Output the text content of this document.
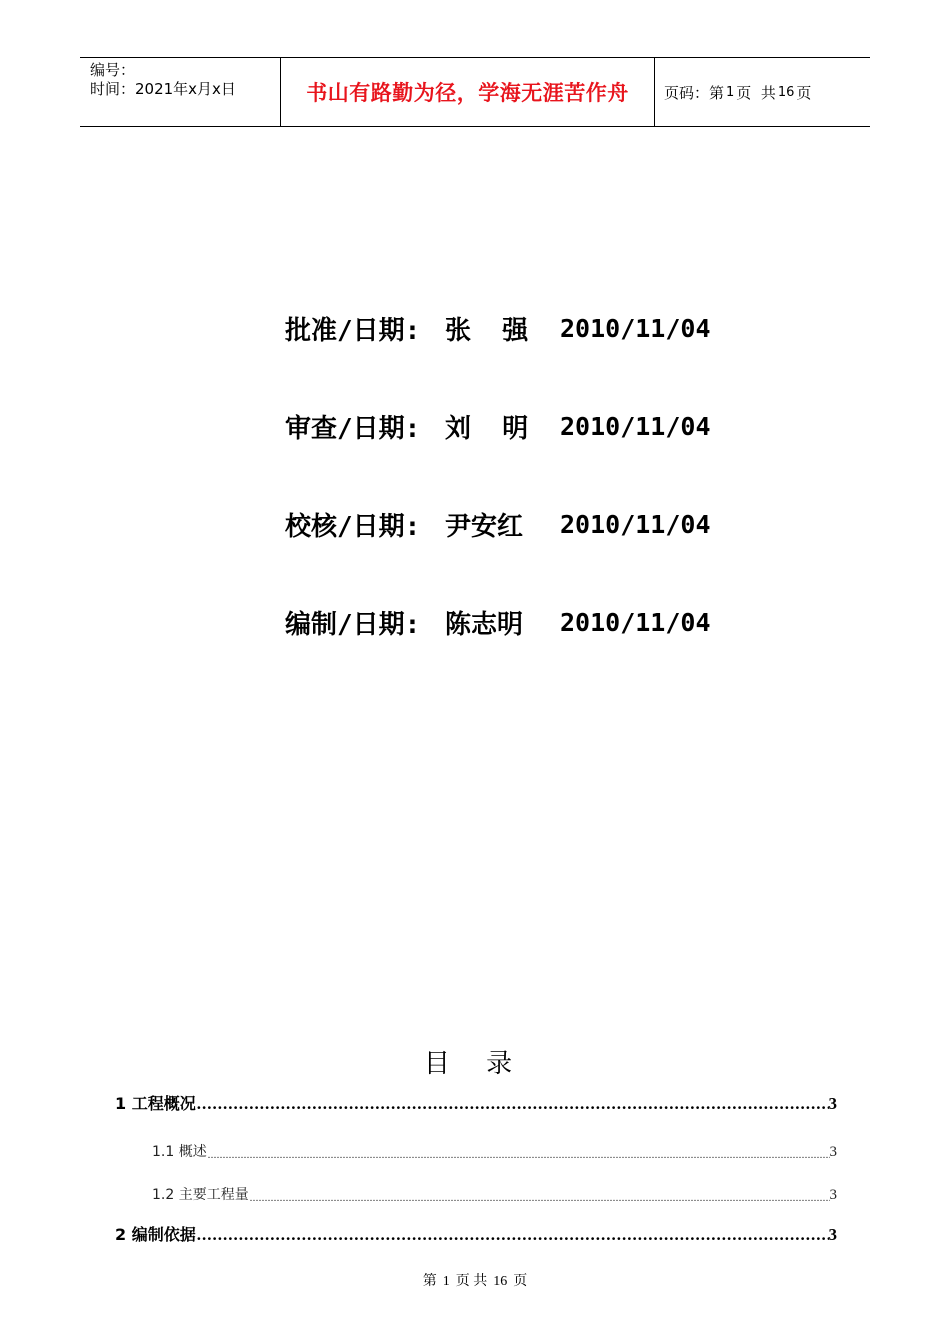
编号：
时间：2021年x月x日	书山有路勤为径，学海无涯苦作舟 页码：第 1 页  共 16 页
批准/日期: 张  强	2010/11/04
审查/日期: 刘  明	2010/11/04
校核/日期: 尹安红	2010/11/04
编制/日期: 陈志明	2010/11/04
目 录
1 工程概况 .....	3
1.1 概述 .....	3
1.2 主要工程量 .....	3
2 编制依据 .....	3
第 1 页 共 16 页
